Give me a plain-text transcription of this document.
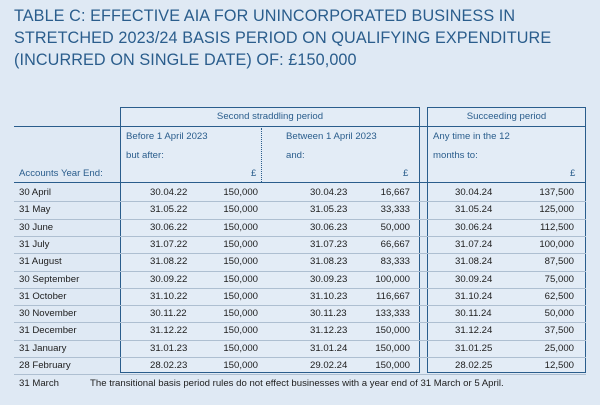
TABLE C: EFFECTIVE AIA FOR UNINCORPORATED BUSINESS IN
STRETCHED 2023/24 BASIS PERIOD ON QUALIFYING EXPENDITURE
(INCURRED ON SINGLE DATE) OF: £150,000
Second straddling period	Succeeding period
Before 1 April 2023
but after:
Between 1 April 2023
and:
Any time in the 12
months to:
Accounts Year End:	£	£	£
30 April	30.04.22	150,000	30.04.23	16,667	30.04.24	137,500
31 May	31.05.22	150,000	31.05.23	33,333	31.05.24	125,000
30 June	30.06.22	150,000	30.06.23	50,000	30.06.24	112,500
31 July	31.07.22	150,000	31.07.23	66,667	31.07.24	100,000
31 August	31.08.22	150,000	31.08.23	83,333	31.08.24	87,500
30 September	30.09.22	150,000	30.09.23	100,000	30.09.24	75,000
31 October	31.10.22	150,000	31.10.23	116,667	31.10.24	62,500
30 November	30.11.22	150,000	30.11.23	133,333	30.11.24	50,000
31 December	31.12.22	150,000	31.12.23	150,000	31.12.24	37,500
31 January	31.01.23	150,000	31.01.24	150,000	31.01.25	25,000
28 February	28.02.23	150,000	29.02.24	150,000	28.02.25	12,500
31 March	The transitional basis period rules do not effect businesses with a year end of 31 March or 5 April.
